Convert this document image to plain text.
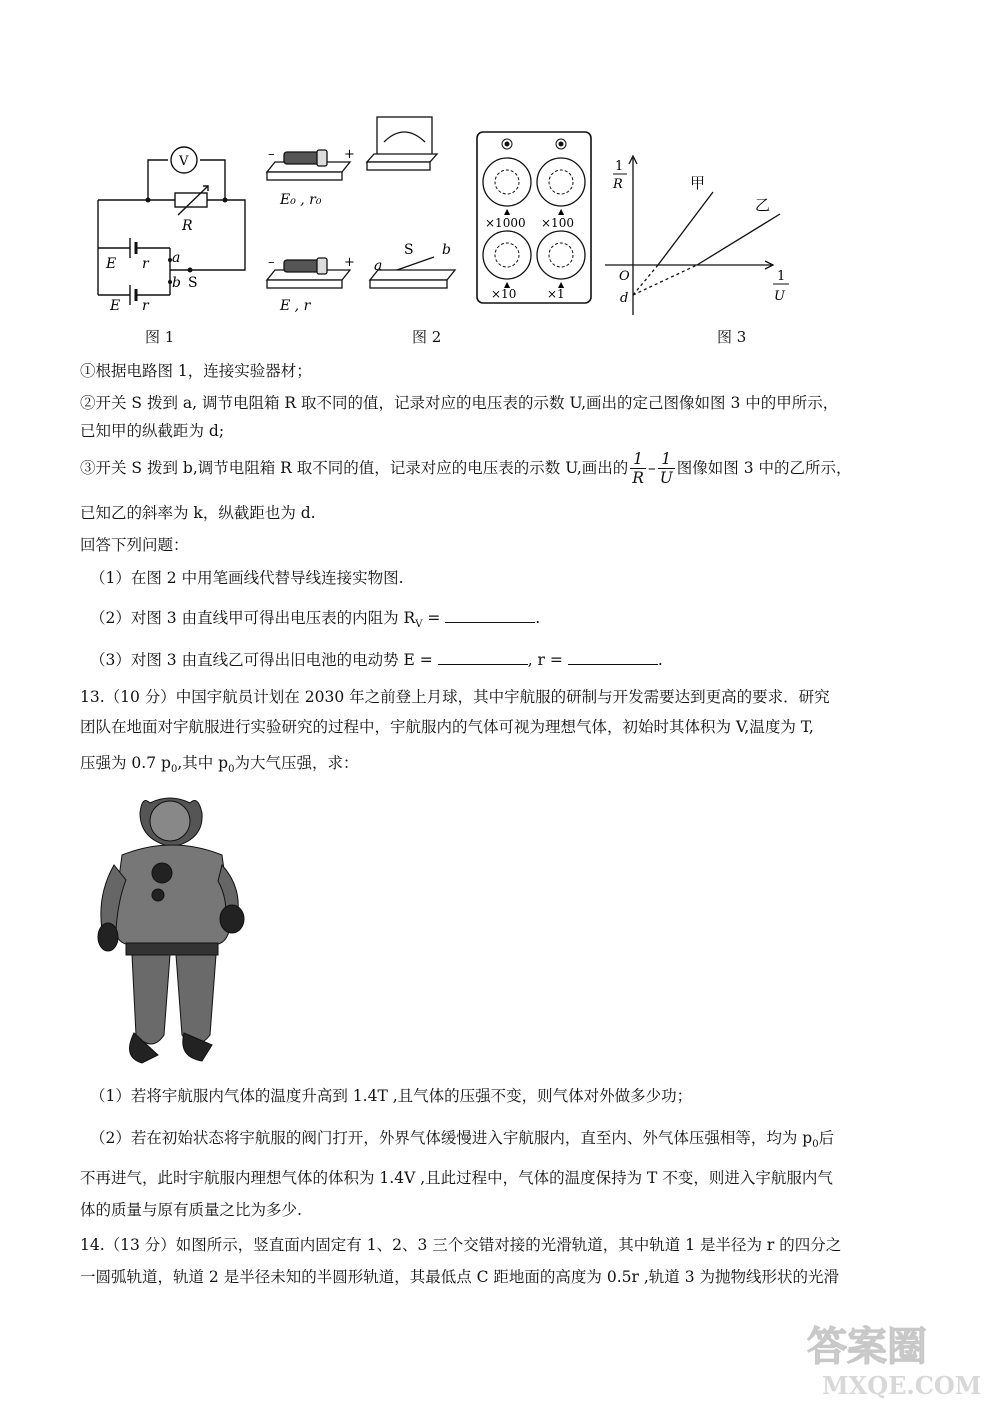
V
R
E r a
b S
E r
图 1
–	+
–	+
E₀ , r₀
E , r
a
S b
▲	▲
▲	▲
×1000 ×100
×10	×1
图 2
1
R
1
U
O
d
甲
乙
图 3
①根据电路图 1，连接实验器材；
②开关 S 拨到 a, 调节电阻箱 R 取不同的值，记录对应的电压表的示数 U,画出的定己图像如图 3 中的甲所示，
已知甲的纵截距为 d;
③开关 S 拨到 b,调节电阻箱 R 取不同的值，记录对应的电压表的示数 U,画出的 $\frac{1}{R} - \frac{1}{U}$ 图像如图 3 中的乙所示，
已知乙的斜率为 k，纵截距也为 d.
回答下列问题：
（1）在图 2 中用笔画线代替导线连接实物图.
（2）对图 3 由直线甲可得出电压表的内阻为 $R_V$ =	.
（3）对图 3 由直线乙可得出旧电池的电动势 E =	, r =	.
13.（10 分）中国宇航员计划在 2030 年之前登上月球，其中宇航服的研制与开发需要达到更高的要求．研究
团队在地面对宇航服进行实验研究的过程中，宇航服内的气体可视为理想气体，初始时其体积为 V,温度为 T,
压强为 0.7 $p_0$,其中 $p_0$为大气压强，求：
（1）若将宇航服内气体的温度升高到 1.4T ,且气体的压强不变，则气体对外做多少功；
（2）若在初始状态将宇航服的阀门打开，外界气体缓慢进入宇航服内，直至内、外气体压强相等，均为 $p_0$后
不再进气，此时宇航服内理想气体的体积为 1.4V ,且此过程中，气体的温度保持为 T 不变，则进入宇航服内气
体的质量与原有质量之比为多少.
14.（13 分）如图所示，竖直面内固定有 1、2、3 三个交错对接的光滑轨道，其中轨道 1 是半径为 r 的四分之
一圆弧轨道，轨道 2 是半径未知的半圆形轨道，其最低点 C 距地面的高度为 0.5r ,轨道 3 为抛物线形状的光滑
答案圈
MXQE.COM
